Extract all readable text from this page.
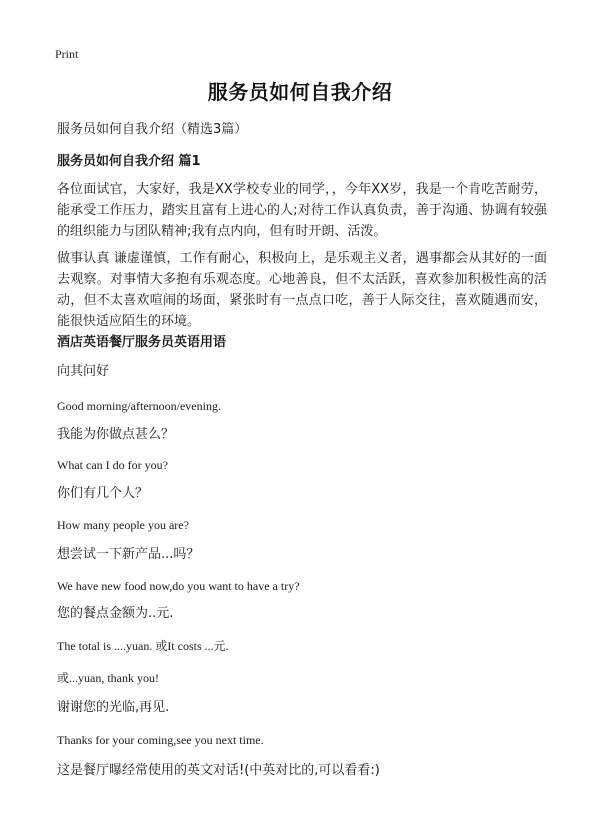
Print
服务员如何自我介绍
服务员如何自我介绍（精选3篇）
服务员如何自我介绍 篇1
各位面试官，大家好，我是XX学校专业的同学，，今年XX岁，我是一个肯吃苦耐劳，能承受工作压力，踏实且富有上进心的人;对待工作认真负责，善于沟通、协调有较强的组织能力与团队精神;我有点内向，但有时开朗、活泼。
做事认真 谦虚谨慎，工作有耐心，积极向上，是乐观主义者，遇事都会从其好的一面去观察。对事情大多抱有乐观态度。心地善良，但不太活跃，喜欢参加积极性高的活动，但不太喜欢喧闹的场面，紧张时有一点点口吃，善于人际交往，喜欢随遇而安，能很快适应陌生的环境。
酒店英语餐厅服务员英语用语
向其问好
Good morning/afternoon/evening.
我能为你做点甚么？
What can I do for you?
你们有几个人？
How many people you are?
想尝试一下新产品...吗？
We have new food now,do you want to have a try?
您的餐点金额为..元.
The total is ....yuan. 或It costs ...元.
或...yuan, thank you!
谢谢您的光临,再见.
Thanks for your coming,see you next time.
这是餐厅曝经常使用的英文对话!(中英对比的,可以看看:)
